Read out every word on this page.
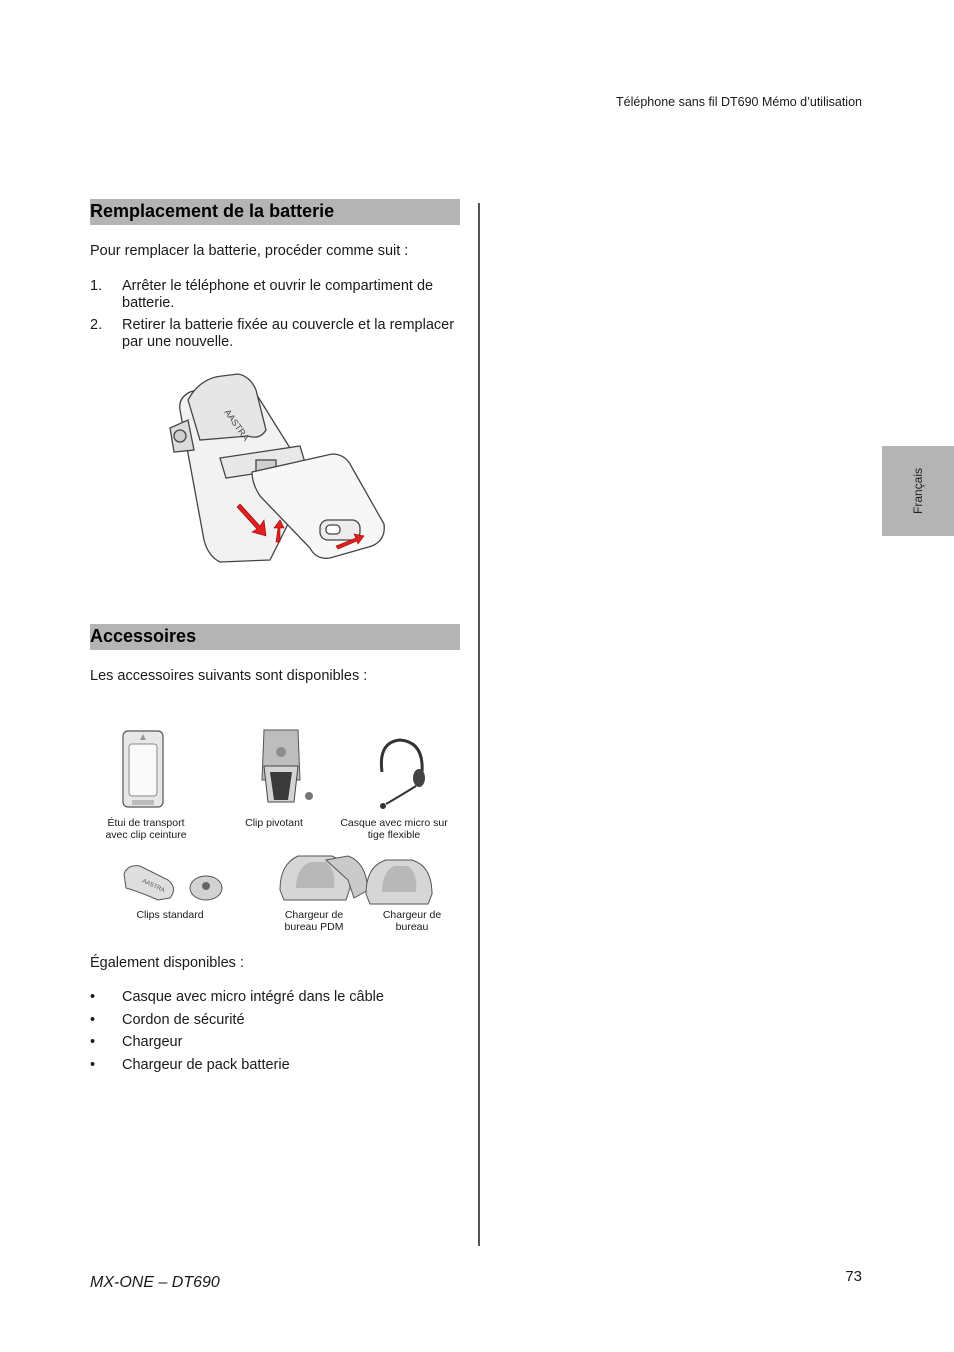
Téléphone sans fil DT690 Mémo d’utilisation
Français
Remplacement de la batterie
Pour remplacer la batterie, procéder comme suit :
1. Arrêter le téléphone et ouvrir le compartiment de batterie.
2. Retirer la batterie fixée au couvercle et la remplacer par une nouvelle.
AASTRA
Accessoires
Les accessoires suivants sont disponibles :
Étui de transport
avec clip ceinture
Clip pivotant	Casque avec micro sur
tige flexible
AASTRA
Clips standard	Chargeur de
bureau PDM
Chargeur de
bureau
Également disponibles :
• Casque avec micro intégré dans le câble
• Cordon de sécurité
• Chargeur
• Chargeur de pack batterie
MX-ONE – DT690	73
